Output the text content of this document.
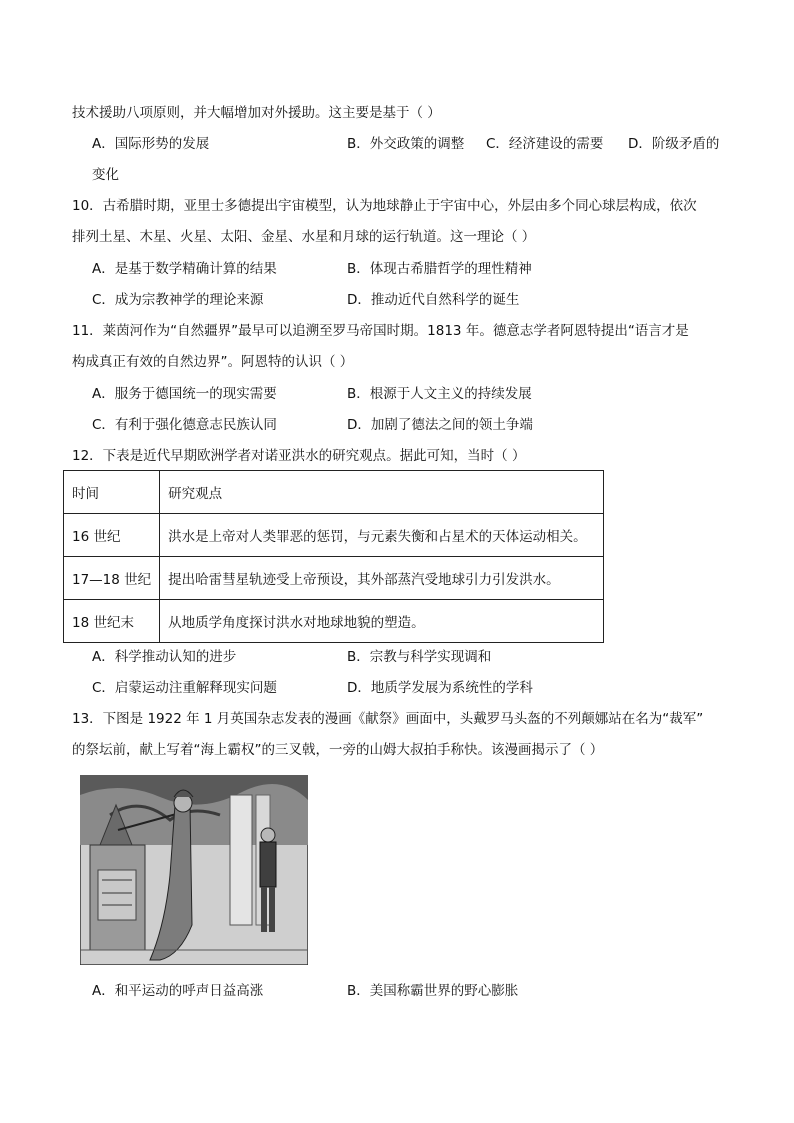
技术援助八项原则，并大幅增加对外援助。这主要是基于（ ）
A．国际形势的发展	B．外交政策的调整 C．经济建设的需要 D．阶级矛盾的
变化
10．古希腊时期，亚里士多德提出宇宙模型，认为地球静止于宇宙中心，外层由多个同心球层构成，依次
排列土星、木星、火星、太阳、金星、水星和月球的运行轨道。这一理论（ ）
A．是基于数学精确计算的结果	B．体现古希腊哲学的理性精神
C．成为宗教神学的理论来源	D．推动近代自然科学的诞生
11．莱茵河作为“自然疆界”最早可以追溯至罗马帝国时期。1813 年。德意志学者阿恩特提出“语言才是
构成真正有效的自然边界”。阿恩特的认识（ ）
A．服务于德国统一的现实需要	B．根源于人文主义的持续发展
C．有利于强化德意志民族认同	D．加剧了德法之间的领土争端
12．下表是近代早期欧洲学者对诺亚洪水的研究观点。据此可知，当时（ ）
时间	研究观点
16 世纪	洪水是上帝对人类罪恶的惩罚，与元素失衡和占星术的天体运动相关。
17—18 世纪	提出哈雷彗星轨迹受上帝预设，其外部蒸汽受地球引力引发洪水。
18 世纪末	从地质学角度探讨洪水对地球地貌的塑造。
A．科学推动认知的进步	B．宗教与科学实现调和
C．启蒙运动注重解释现实问题	D．地质学发展为系统性的学科
13．下图是 1922 年 1 月英国杂志发表的漫画《献祭》画面中，头戴罗马头盔的不列颠娜站在名为“裁军”
的祭坛前，献上写着“海上霸权”的三叉戟，一旁的山姆大叔拍手称快。该漫画揭示了（ ）
A．和平运动的呼声日益高涨	B．美国称霸世界的野心膨胀
